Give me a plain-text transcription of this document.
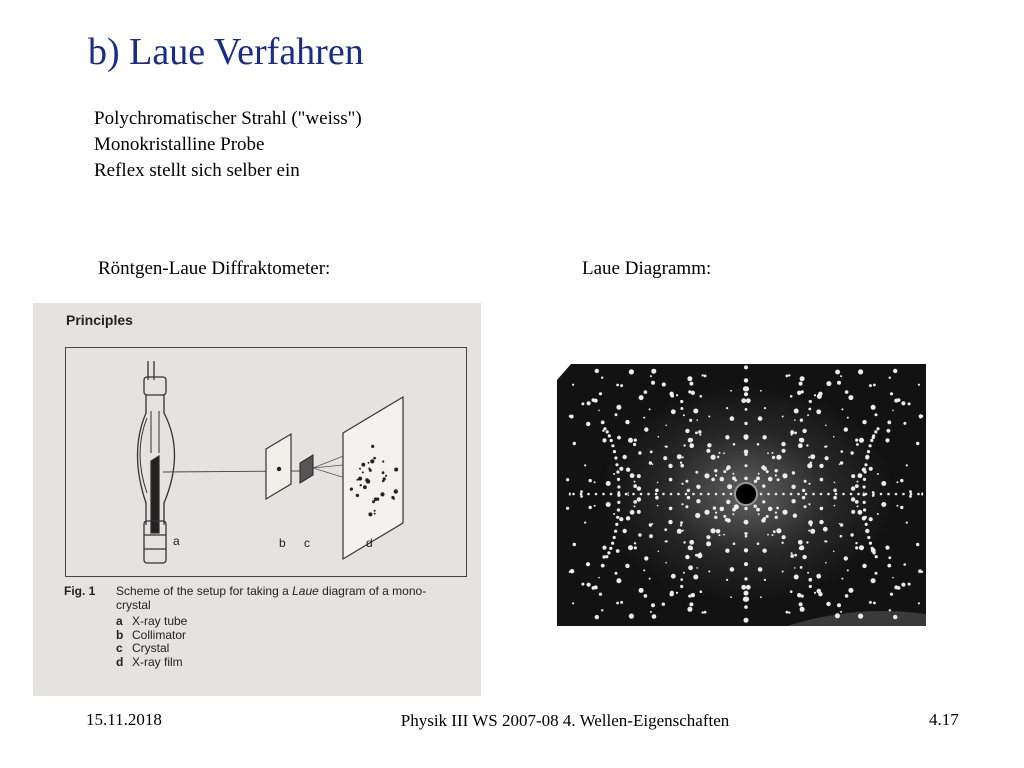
b) Laue Verfahren
Polychromatischer Strahl ("weiss")
Monokristalline Probe
Reflex stellt sich selber ein
Röntgen-Laue Diffraktometer:	Laue Diagramm:
Principles
a	b c	d
Fig. 1 Scheme of the setup for taking a Laue diagram of a mono-
crystal
a X-ray tube
b Collimator
c Crystal
d X-ray film
15.11.2018	Physik III WS 2007-08 4. Wellen-Eigenschaften	4.17
